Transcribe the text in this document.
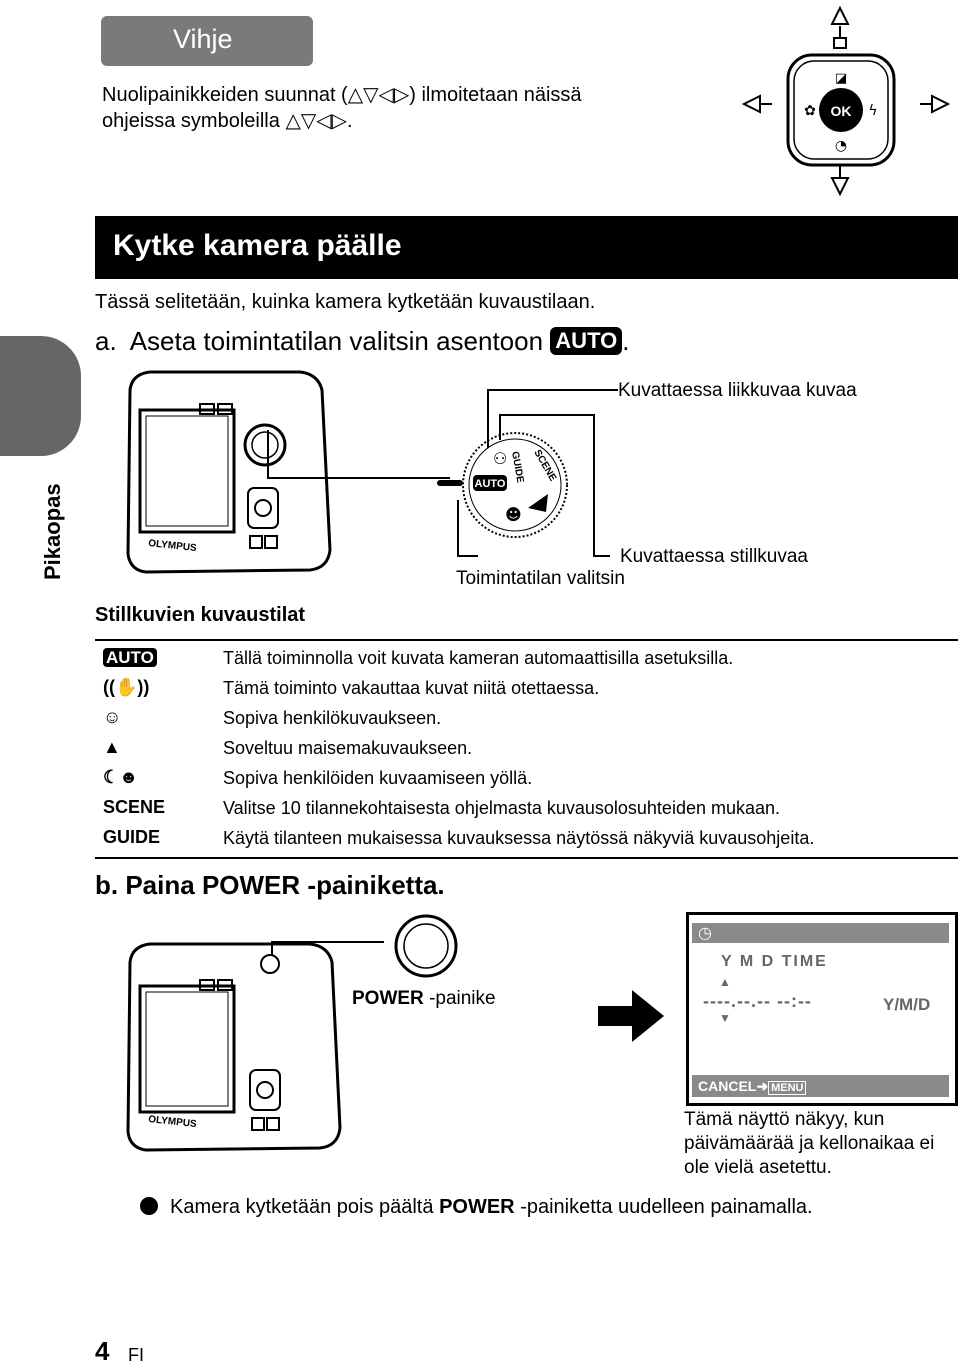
Vihje
Nuolipainikkeiden suunnat (△▽◁▷) ilmoitetaan näissä
ohjeissa symboleilla △▽◁▷.	OK
◪
✿	ϟ
◔
Kytke kamera päälle
Tässä selitetään, kuinka kamera kytketään kuvaustilaan.
a. Aseta toimintatilan valitsin asentoon AUTO .
Pikaopas	OLYMPUS
AUTO
GUIDE SCENE
⚇
☻
Kuvattaessa liikkuvaa kuvaa
Kuvattaessa stillkuvaa
Toimintatilan valitsin
Stillkuvien kuvaustilat
AUTO	Tällä toiminnolla voit kuvata kameran automaattisilla asetuksilla.
((✋))	Tämä toiminto vakauttaa kuvat niitä otettaessa.
☺	Sopiva henkilökuvaukseen.
▲	Soveltuu maisemakuvaukseen.
☾☻	Sopiva henkilöiden kuvaamiseen yöllä.
SCENE	Valitse 10 tilannekohtaisesta ohjelmasta kuvausolosuhteiden mukaan.
GUIDE	Käytä tilanteen mukaisessa kuvauksessa näytössä näkyviä kuvausohjeita.
b. Paina POWER -painiketta.
OLYMPUS
POWER -painike
◷
Y M D TIME
▲
----.--.-- --:--
▼
Y/M/D
CANCEL➜ MENU
Tämä näyttö näkyy, kun päivämäärää ja kellonaikaa ei ole vielä asetettu.
Kamera kytketään pois päältä POWER -painiketta uudelleen painamalla.
4 FI
